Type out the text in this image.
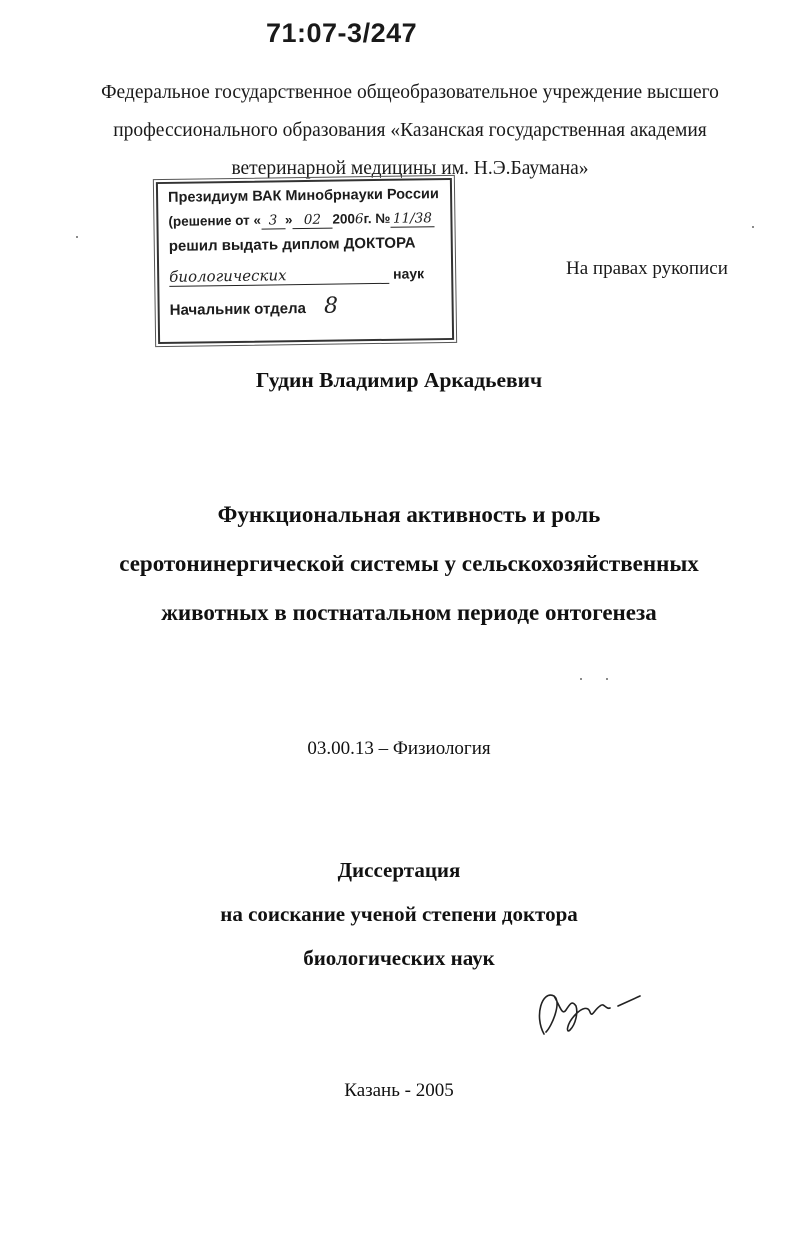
71:07-3/247
Федеральное государственное общеобразовательное учреждение высшего
профессионального образования «Казанская государственная академия
ветеринарной медицины им. Н.Э.Баумана»
Президиум ВАК Минобрнауки России
(решение от « 3 » 02 2006г. № 11/38
решил выдать диплом ДОКТОРА
биологических	наук
Начальник отдела 8
На правах рукописи
Гудин Владимир Аркадьевич
Функциональная активность и роль
серотонинергической системы у сельскохозяйственных
животных в постнатальном периоде онтогенеза
03.00.13 – Физиология
Диссертация
на соискание ученой степени доктора
биологических наук
Казань - 2005
